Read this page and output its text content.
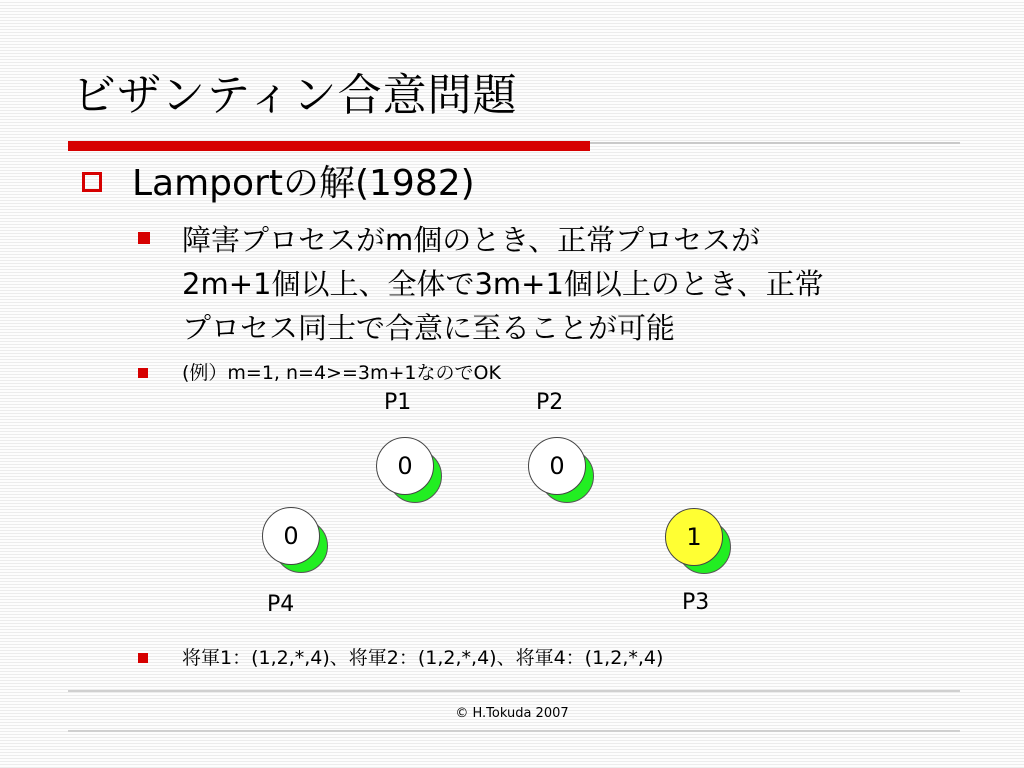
ビザンティン合意問題
Lamportの解(1982)
障害プロセスがm個のとき、正常プロセスが
2m+1個以上、全体で3m+1個以上のとき、正常
プロセス同士で合意に至ることが可能
(例）m=1, n=4>=3m+1なのでOK
P1	P2
P3
P4
0	0
1
0
将軍1：(1,2,*,4)、将軍2：(1,2,*,4)、将軍4：(1,2,*,4)
© H.Tokuda 2007
